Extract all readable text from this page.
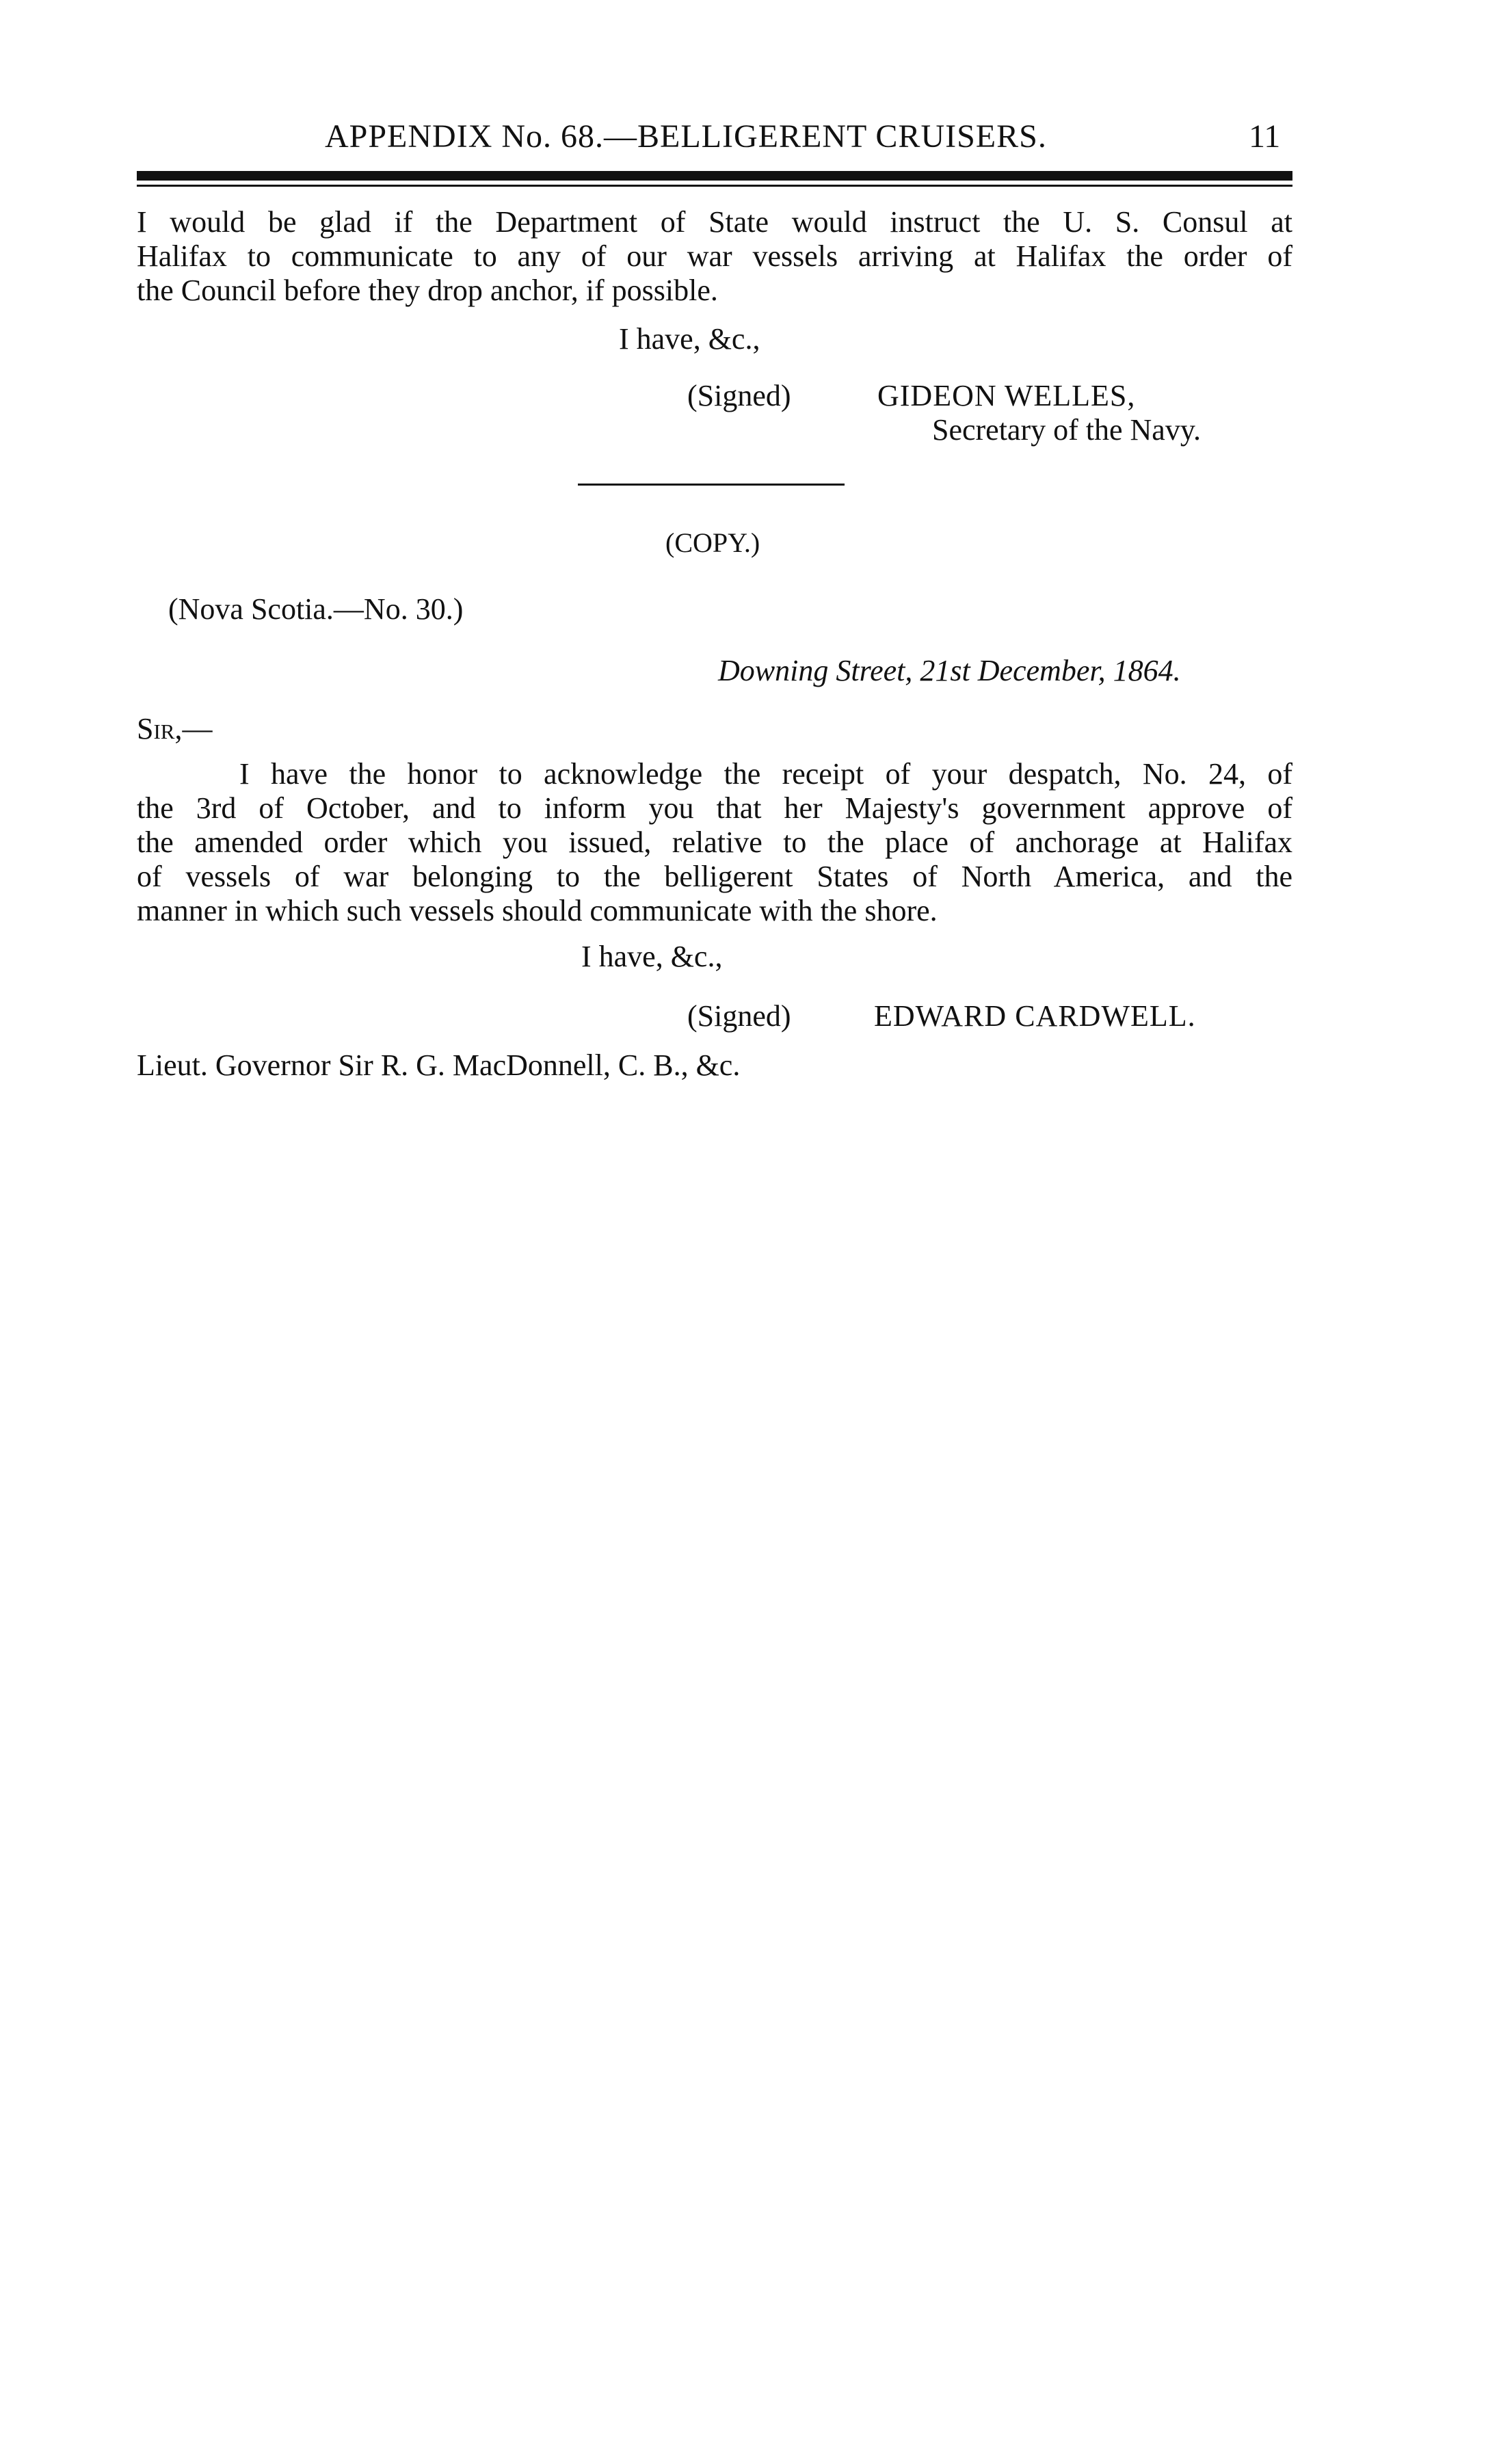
APPENDIX No. 68.—BELLIGERENT CRUISERS.	11
I would be glad if the Department of State would instruct the U. S. Consul at
Halifax to communicate to any of our war vessels arriving at Halifax the order of
the Council before they drop anchor, if possible.
I have, &c.,
(Signed)	GIDEON WELLES,
Secretary of the Navy.
(COPY.)
(Nova Scotia.—No. 30.)
Downing Street, 21st December, 1864.
Sir,—
I have the honor to acknowledge the receipt of your despatch, No. 24, of
the 3rd of October, and to inform you that her Majesty's government approve of
the amended order which you issued, relative to the place of anchorage at Halifax
of vessels of war belonging to the belligerent States of North America, and the
manner in which such vessels should communicate with the shore.
I have, &c.,
(Signed)	EDWARD CARDWELL.
Lieut. Governor Sir R. G. MacDonnell, C. B., &c.
